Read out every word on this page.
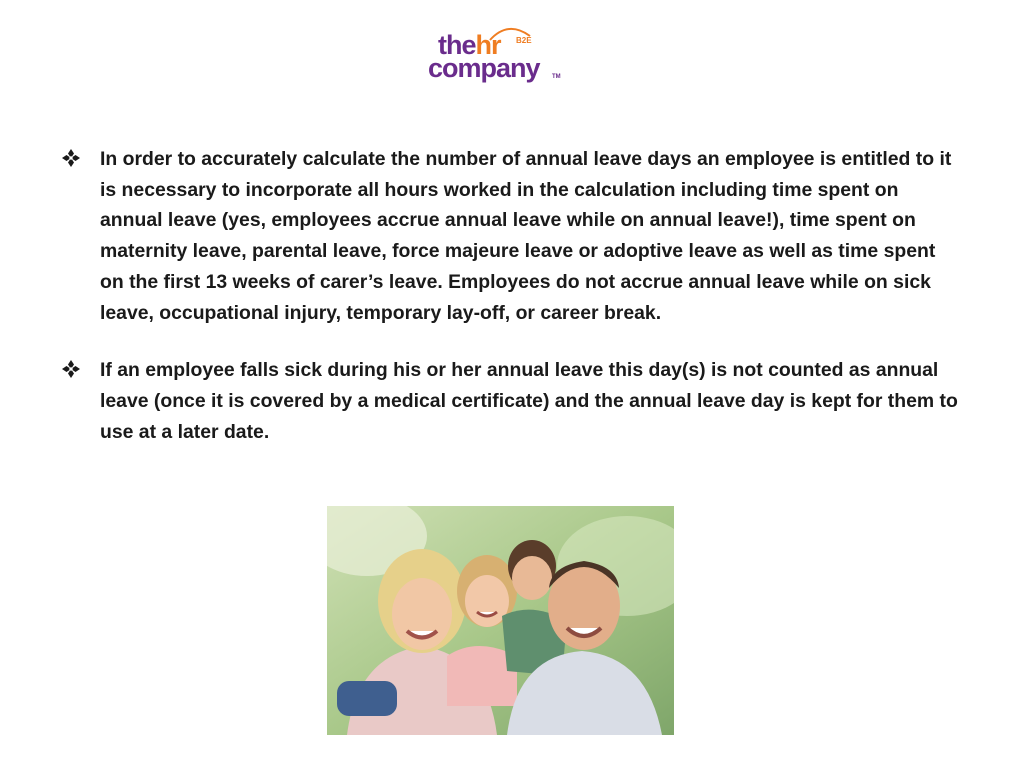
thehr B2E
company TM
In order to accurately calculate the number of annual leave days an employee is entitled to it is necessary to incorporate all hours worked in the calculation including time spent on annual leave (yes, employees accrue annual leave while on annual leave!), time spent on maternity leave, parental leave, force majeure leave or adoptive leave as well as time spent on the first 13 weeks of carer’s leave. Employees do not accrue annual leave while on sick leave, occupational injury, temporary lay-off, or career break.
If an employee falls sick during his or her annual leave this day(s) is not counted as annual leave (once it is covered by a medical certificate) and the annual leave day is kept for them to use at a later date.
